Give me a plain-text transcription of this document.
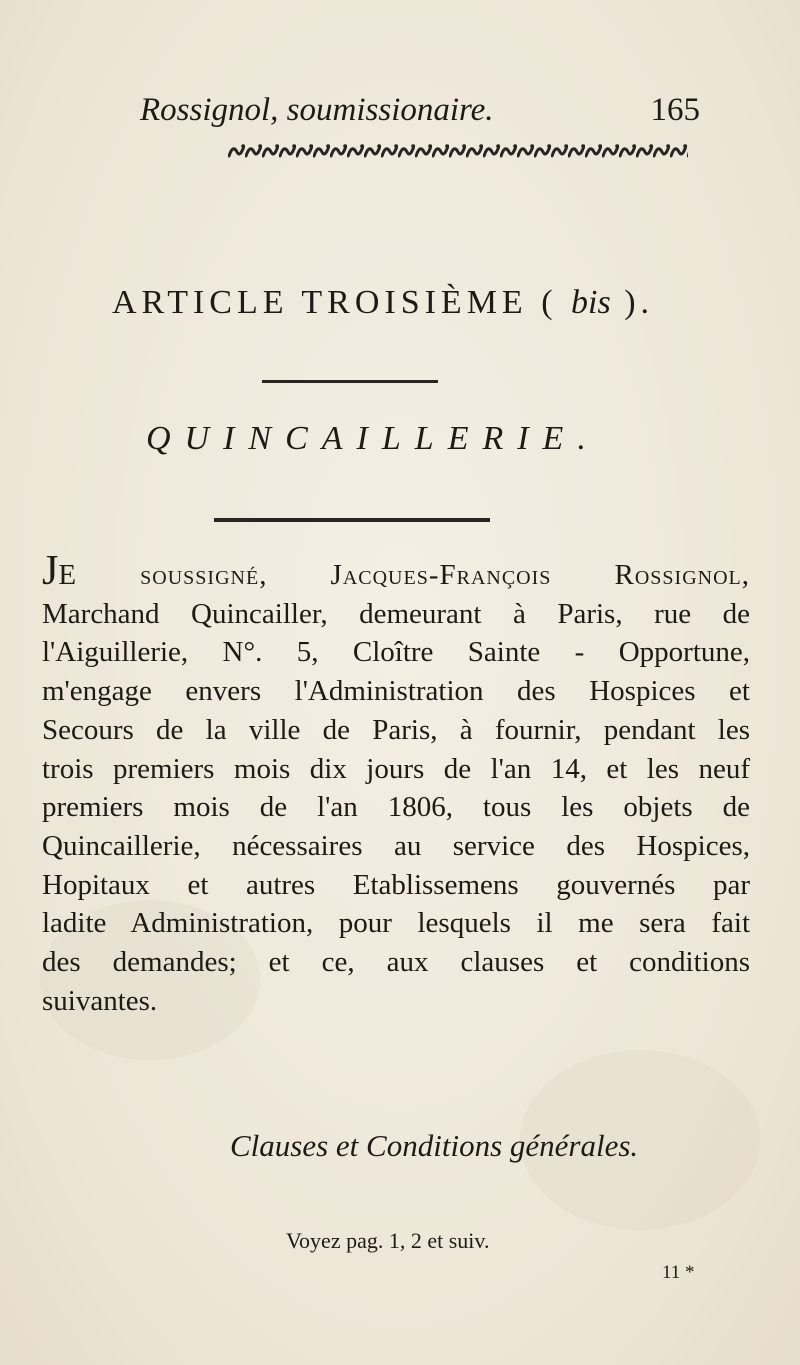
Rossignol, soumissionaire.	165
ARTICLE TROISIÈME ( bis ).
QUINCAILLERIE.
JE soussigné, Jacques-François Rossignol,
Marchand Quincailler, demeurant à Paris, rue de
l'Aiguillerie, N°. 5, Cloître Sainte - Opportune,
m'engage envers l'Administration des Hospices et
Secours de la ville de Paris, à fournir, pendant les
trois premiers mois dix jours de l'an 14, et les neuf
premiers mois de l'an 1806, tous les objets de
Quincaillerie, nécessaires au service des Hospices,
Hopitaux et autres Etablissemens gouvernés par
ladite Administration, pour lesquels il me sera fait
des demandes; et ce, aux clauses et conditions
suivantes.
Clauses et Conditions générales.
Voyez pag. 1, 2 et suiv.
11 *
